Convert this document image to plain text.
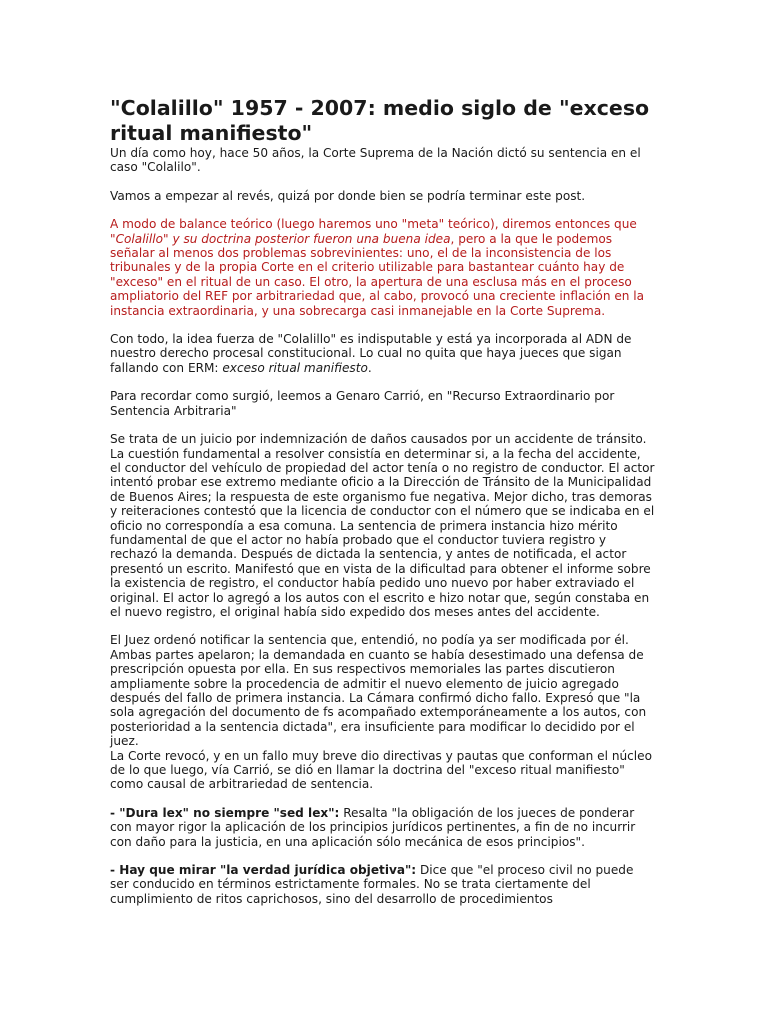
"Colalillo" 1957 - 2007: medio siglo de "exceso ritual manifiesto"

Un día como hoy, hace 50 años, la Corte Suprema de la Nación dictó su sentencia en el caso "Colalilo".

Vamos a empezar al revés, quizá por donde bien se podría terminar este post.

A modo de balance teórico (luego haremos uno "meta" teórico), diremos entonces que "Colalillo" y su doctrina posterior fueron una buena idea, pero a la que le podemos señalar al menos dos problemas sobrevinientes: uno, el de la inconsistencia de los tribunales y de la propia Corte en el criterio utilizable para bastantear cuánto hay de "exceso" en el ritual de un caso. El otro, la apertura de una esclusa más en el proceso ampliatorio del REF por arbitrariedad que, al cabo, provocó una creciente inflación en la instancia extraordinaria, y una sobrecarga casi inmanejable en la Corte Suprema.

Con todo, la idea fuerza de "Colalillo" es indisputable y está ya incorporada al ADN de nuestro derecho procesal constitucional. Lo cual no quita que haya jueces que sigan fallando con ERM: exceso ritual manifiesto.

Para recordar como surgió, leemos a Genaro Carrió, en "Recurso Extraordinario por Sentencia Arbitraria"

Se trata de un juicio por indemnización de daños causados por un accidente de tránsito. La cuestión fundamental a resolver consistía en determinar si, a la fecha del accidente, el conductor del vehículo de propiedad del actor tenía o no registro de conductor. El actor intentó probar ese extremo mediante oficio a la Dirección de Tránsito de la Municipalidad de Buenos Aires; la respuesta de este organismo fue negativa. Mejor dicho, tras demoras y reiteraciones contestó que la licencia de conductor con el número que se indicaba en el oficio no correspondía a esa comuna. La sentencia de primera instancia hizo mérito fundamental de que el actor no había probado que el conductor tuviera registro y rechazó la demanda. Después de dictada la sentencia, y antes de notificada, el actor presentó un escrito. Manifestó que en vista de la dificultad para obtener el informe sobre la existencia de registro, el conductor había pedido uno nuevo por haber extraviado el original. El actor lo agregó a los autos con el escrito e hizo notar que, según constaba en el nuevo registro, el original había sido expedido dos meses antes del accidente.

El Juez ordenó notificar la sentencia que, entendió, no podía ya ser modificada por él. Ambas partes apelaron; la demandada en cuanto se había desestimado una defensa de prescripción opuesta por ella. En sus respectivos memoriales las partes discutieron ampliamente sobre la procedencia de admitir el nuevo elemento de juicio agregado después del fallo de primera instancia. La Cámara confirmó dicho fallo. Expresó que "la sola agregación del documento de fs acompañado extemporáneamente a los autos, con posterioridad a la sentencia dictada", era insuficiente para modificar lo decidido por el juez.

La Corte revocó, y en un fallo muy breve dio directivas y pautas que conforman el núcleo de lo que luego, vía Carrió, se dió en llamar la doctrina del "exceso ritual manifiesto" como causal de arbitrariedad de sentencia.

- "Dura lex" no siempre "sed lex": Resalta "la obligación de los jueces de ponderar con mayor rigor la aplicación de los principios jurídicos pertinentes, a fin de no incurrir con daño para la justicia, en una aplicación sólo mecánica de esos principios".

- Hay que mirar "la verdad jurídica objetiva": Dice que "el proceso civil no puede ser conducido en términos estrictamente formales. No se trata ciertamente del cumplimiento de ritos caprichosos, sino del desarrollo de procedimientos
